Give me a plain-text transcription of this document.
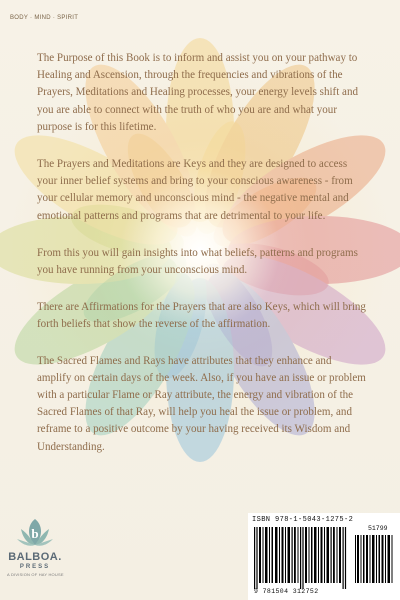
BODY · MIND · SPIRIT

The Purpose of this Book is to inform and assist you on your pathway to Healing and Ascension, through the frequencies and vibrations of the Prayers, Meditations and Healing processes, your energy levels shift and you are able to connect with the truth of who you are and what your purpose is for this lifetime.

The Prayers and Meditations are Keys and they are designed to access your inner belief systems and bring to your conscious awareness - from your cellular memory and unconscious mind - the negative mental and emotional patterns and programs that are detrimental to your life.

From this you will gain insights into what beliefs, patterns and programs you have running from your unconscious mind.

There are Affirmations for the Prayers that are also Keys, which will bring forth beliefs that show the reverse of the affirmation.

The Sacred Flames and Rays have attributes that they enhance and amplify on certain days of the week. Also, if you have an issue or problem with a particular Flame or Ray attribute, the energy and vibration of the Sacred Flames of that Ray, will help you heal the issue or problem, and reframe to a positive outcome by your having received its Wisdom and Understanding.

b
BALBOA.
PRESS
A DIVISION OF HAY HOUSE
ISBN 978-1-5043-1275-2
51799
9 781504 312752
